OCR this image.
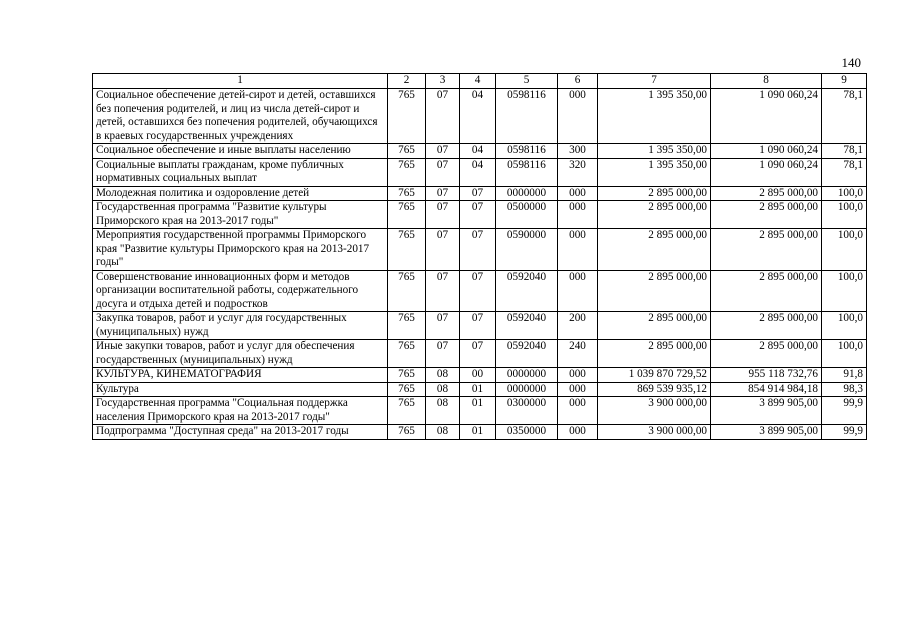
140
1	2	3	4	5	6	7	8	9
Социальное обеспечение детей-сирот и детей, оставшихся без попечения родителей, и лиц из числа детей-сирот и детей, оставшихся без попечения родителей, обучающихся в краевых государственных учреждениях	765	07	04	0598116	000	1 395 350,00	1 090 060,24	78,1
Социальное обеспечение и иные выплаты населению	765	07	04	0598116	300	1 395 350,00	1 090 060,24	78,1
Социальные выплаты гражданам, кроме публичных нормативных социальных выплат	765	07	04	0598116	320	1 395 350,00	1 090 060,24	78,1
Молодежная политика и оздоровление детей	765	07	07	0000000	000	2 895 000,00	2 895 000,00	100,0
Государственная программа "Развитие культуры Приморского края на 2013-2017 годы"	765	07	07	0500000	000	2 895 000,00	2 895 000,00	100,0
Мероприятия государственной программы Приморского края "Развитие культуры Приморского края на 2013-2017 годы"	765	07	07	0590000	000	2 895 000,00	2 895 000,00	100,0
Совершенствование инновационных форм и методов организации воспитательной работы, содержательного досуга и отдыха детей и подростков	765	07	07	0592040	000	2 895 000,00	2 895 000,00	100,0
Закупка товаров, работ и услуг для государственных (муниципальных) нужд	765	07	07	0592040	200	2 895 000,00	2 895 000,00	100,0
Иные закупки товаров, работ и услуг для обеспечения государственных (муниципальных) нужд	765	07	07	0592040	240	2 895 000,00	2 895 000,00	100,0
КУЛЬТУРА, КИНЕМАТОГРАФИЯ	765	08	00	0000000	000	1 039 870 729,52	955 118 732,76	91,8
Культура	765	08	01	0000000	000	869 539 935,12	854 914 984,18	98,3
Государственная программа "Социальная поддержка населения Приморского края на 2013-2017 годы"	765	08	01	0300000	000	3 900 000,00	3 899 905,00	99,9
Подпрограмма "Доступная среда" на 2013-2017 годы	765	08	01	0350000	000	3 900 000,00	3 899 905,00	99,9
